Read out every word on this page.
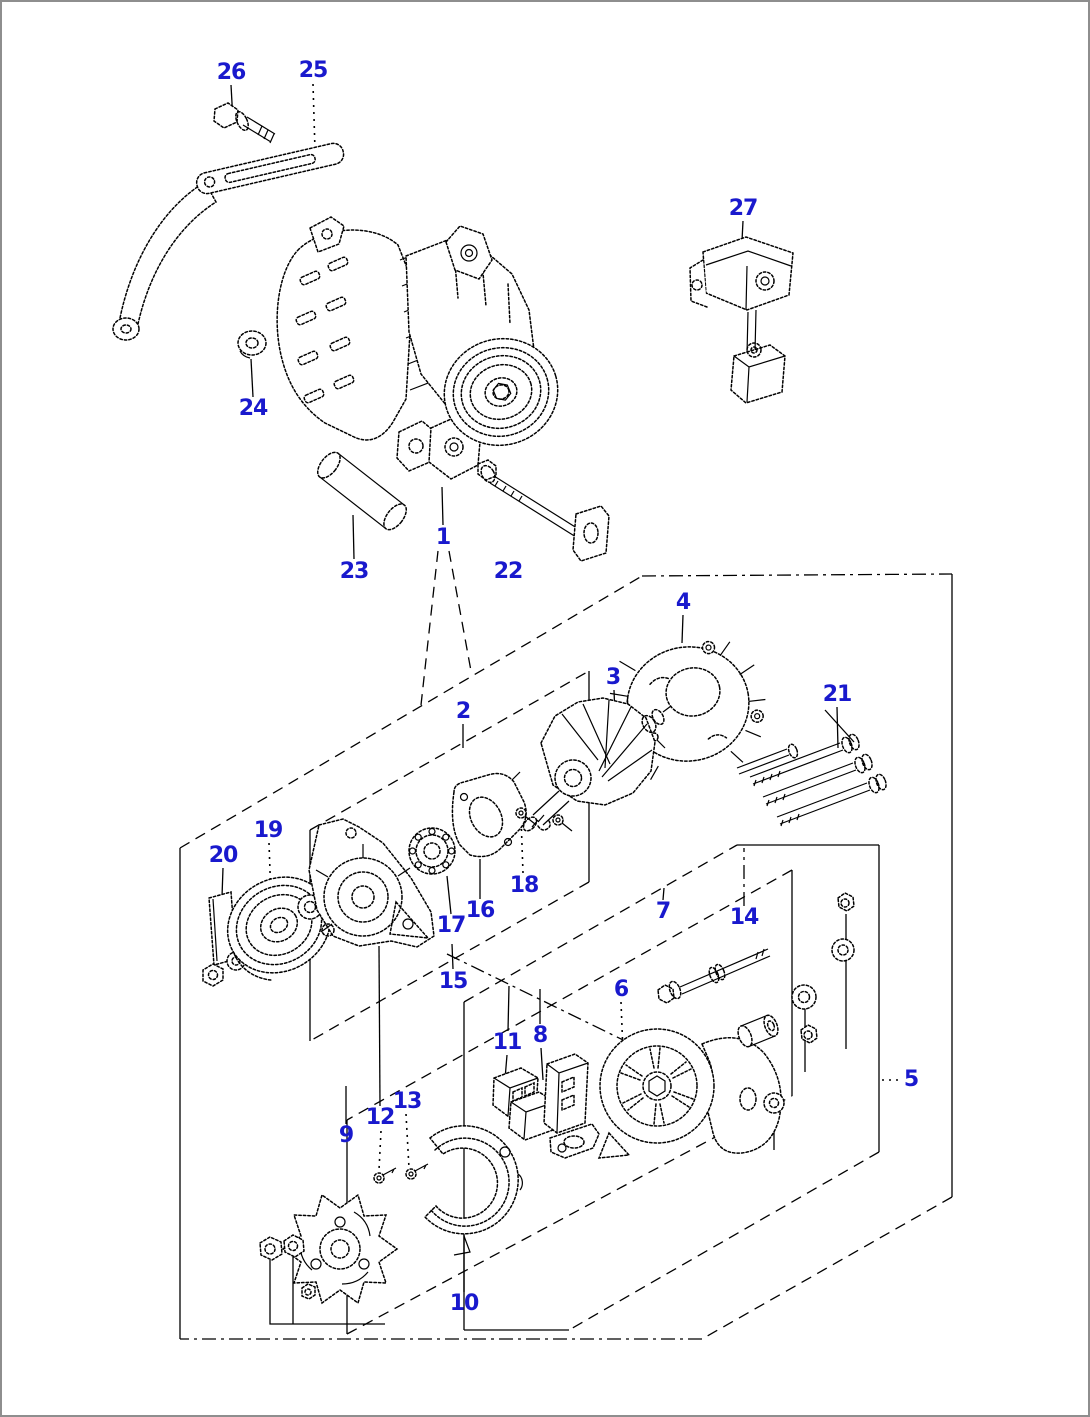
1
2
3
4
5
6
7
8
9
10
11
12
13
14
15
16
17
18
19
20
21
22
23
24
25
26
27
